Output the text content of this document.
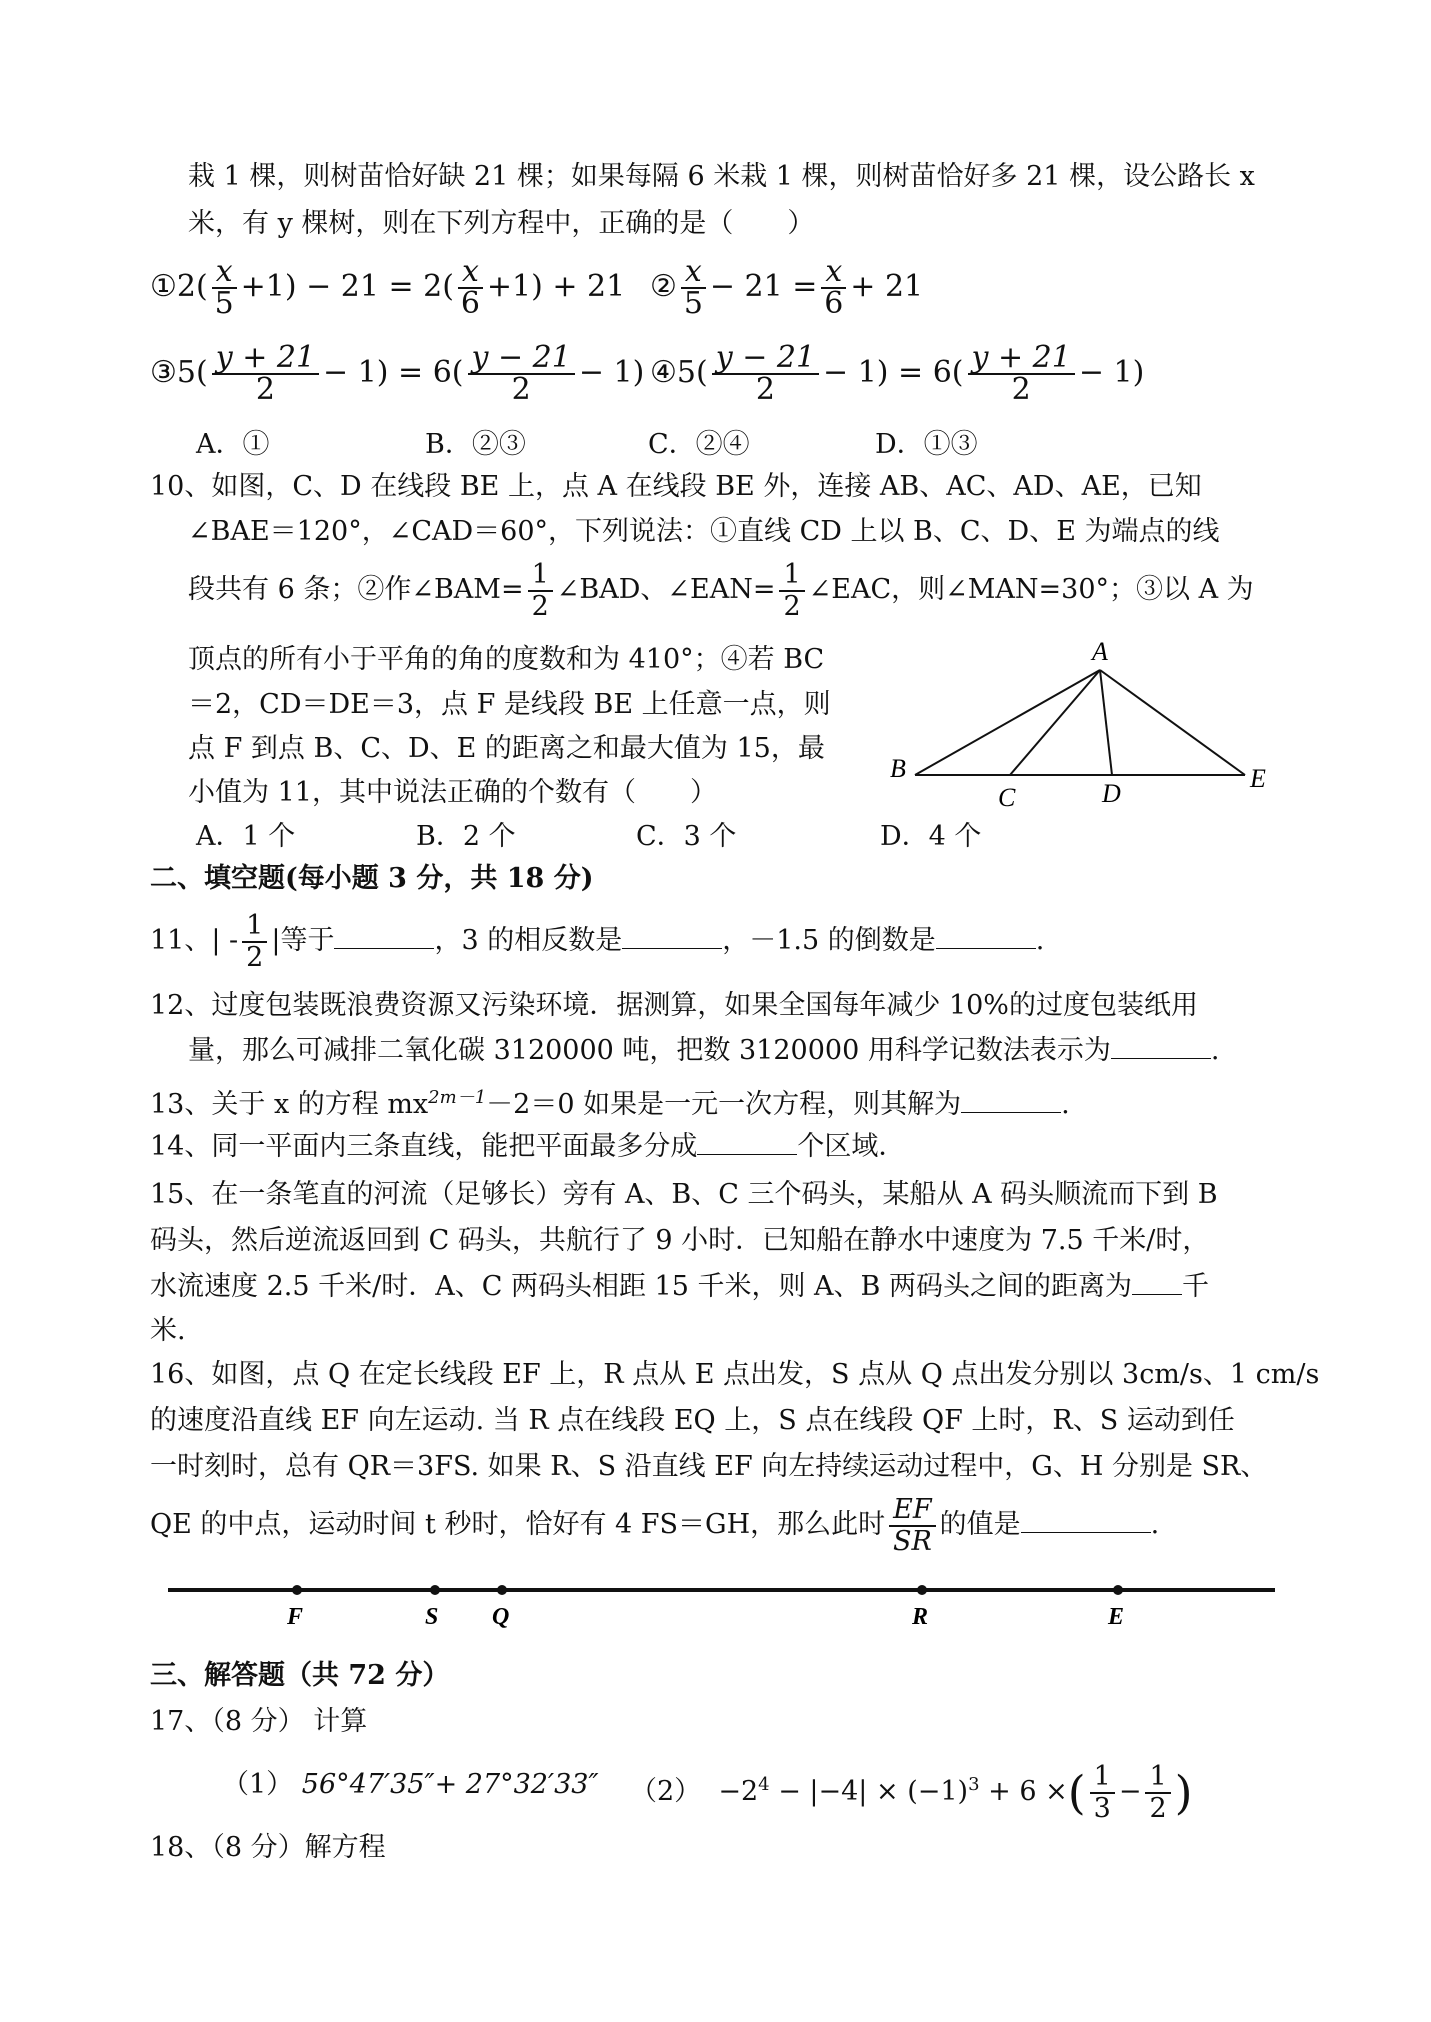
栽 1 棵，则树苗恰好缺 21 棵；如果每隔 6 米栽 1 棵，则树苗恰好多 21 棵，设公路长 x
米，有 y 棵树，则在下列方程中，正确的是（　　）
①2( $\frac{x}{5} +1) - 21 = 2( \frac{x}{6} +1) + 21$ ② $\frac{x}{5} - 21 = \frac{x}{6} + 21$
③5( $\frac{y + 21}{2} - 1) = 6( \frac{y - 21}{2} - 1)$ ④5( $\frac{y - 21}{2} - 1) = 6( \frac{y + 21}{2} - 1)$
A．①	B．②③	C．②④	D．①③
10、如图，C、D 在线段 BE 上，点 A 在线段 BE 外，连接 AB、AC、AD、AE，已知
∠BAE＝120°，∠CAD＝60°，下列说法：①直线 CD 上以 B、C、D、E 为端点的线
段共有 6 条；②作∠BAM= $\frac{1}{2}$ ∠BAD、∠EAN= $\frac{1}{2}$ ∠EAC，则∠MAN=30°；③以 A 为
顶点的所有小于平角的角的度数和为 410°；④若 BC
＝2，CD＝DE＝3，点 F 是线段 BE 上任意一点，则
点 F 到点 B、C、D、E 的距离之和最大值为 15，最
小值为 11，其中说法正确的个数有（　　）
A．1 个	B．2 个	C．3 个	D．4 个
A
B
C	D
E
二、填空题(每小题 3 分，共 18 分)
11、| - $\frac{1}{2}$ |等于	，3 的相反数是	，－1.5 的倒数是	.
12、过度包装既浪费资源又污染环境．据测算，如果全国每年减少 10%的过度包装纸用
量，那么可减排二氧化碳 3120000 吨，把数 3120000 用科学记数法表示为	.
13、关于 x 的方程 $mx^{2m-1}-2=0$ 如果是一元一次方程，则其解为	.
14、同一平面内三条直线，能把平面最多分成	个区域．
15、在一条笔直的河流（足够长）旁有 A、B、C 三个码头，某船从 A 码头顺流而下到 B
码头，然后逆流返回到 C 码头，共航行了 9 小时．已知船在静水中速度为 7.5 千米/时，
水流速度 2.5 千米/时．A、C 两码头相距 15 千米，则 A、B 两码头之间的距离为 千
米.
16、如图，点 Q 在定长线段 EF 上，R 点从 E 点出发，S 点从 Q 点出发分别以 3cm/s、1 cm/s
的速度沿直线 EF 向左运动. 当 R 点在线段 EQ 上，S 点在线段 QF 上时，R、S 运动到任
一时刻时，总有 QR＝3FS. 如果 R、S 沿直线 EF 向左持续运动过程中，G、H 分别是 SR、
QE 的中点，运动时间 t 秒时，恰好有 4 FS＝GH，那么此时 $\frac{EF}{SR}$ 的值是	.
F	S Q	R	E
三、解答题（共 72 分）
17、（8 分） 计算
（1） 56°47′35″+ 27°32′33″ $(2) -2^4 - |-4| \times (-1)^3 + 6$ ×( $\frac{1}{3} - \frac{1}{2}$ )
18、（8 分）解方程
